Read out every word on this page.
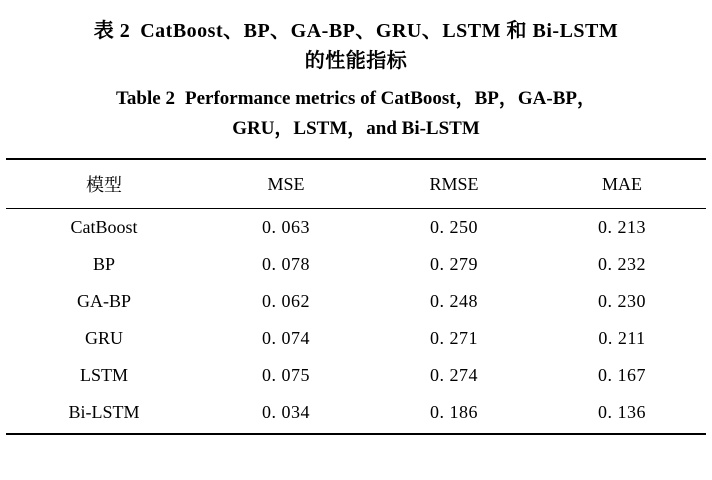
表 2 CatBoost、BP、GA-BP、GRU、LSTM 和 Bi-LSTM
的性能指标
Table 2 Performance metrics of CatBoost，BP，GA-BP，
GRU，LSTM，and Bi-LSTM
模型	MSE	RMSE	MAE
CatBoost	0. 063	0. 250	0. 213
BP	0. 078	0. 279	0. 232
GA-BP	0. 062	0. 248	0. 230
GRU	0. 074	0. 271	0. 211
LSTM	0. 075	0. 274	0. 167
Bi-LSTM	0. 034	0. 186	0. 136
